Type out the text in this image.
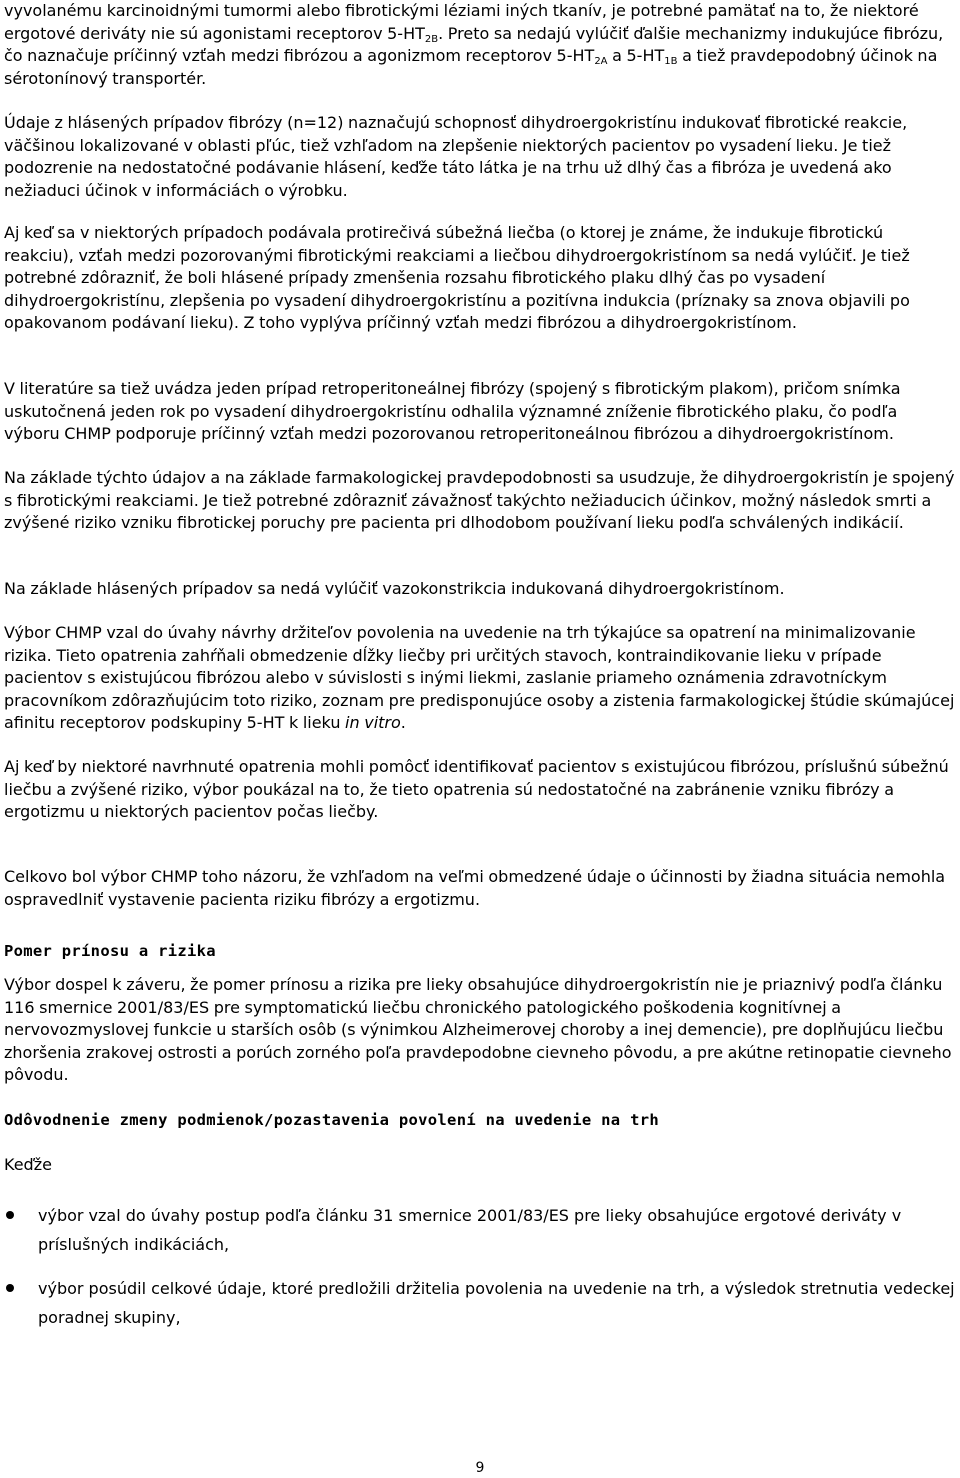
vyvolanému karcinoidnými tumormi alebo fibrotickými léziami iných tkanív, je potrebné pamätať na to, že niektoré ergotové deriváty nie sú agonistami receptorov $5-HT_{2B}$. Preto sa nedajú vylúčiť ďalšie mechanizmy indukujúce fibrózu, čo naznačuje príčinný vzťah medzi fibrózou a agonizmom receptorov $5-HT_{2A}$ a $5-HT_{1B}$ a tiež pravdepodobný účinok na sérotonínový transportér.

Údaje z hlásených prípadov fibrózy (n=12) naznačujú schopnosť dihydroergokristínu indukovať fibrotické reakcie, väčšinou lokalizované v oblasti pľúc, tiež vzhľadom na zlepšenie niektorých pacientov po vysadení lieku. Je tiež podozrenie na nedostatočné podávanie hlásení, keďže táto látka je na trhu už dlhý čas a fibróza je uvedená ako nežiaduci účinok v informáciách o výrobku.

Aj keď sa v niektorých prípadoch podávala protirečivá súbežná liečba (o ktorej je známe, že indukuje fibrotickú reakciu), vzťah medzi pozorovanými fibrotickými reakciami a liečbou dihydroergokristínom sa nedá vylúčiť. Je tiež potrebné zdôrazniť, že boli hlásené prípady zmenšenia rozsahu fibrotického plaku dlhý čas po vysadení dihydroergokristínu, zlepšenia po vysadení dihydroergokristínu a pozitívna indukcia (príznaky sa znova objavili po opakovanom podávaní lieku). Z toho vyplýva príčinný vzťah medzi fibrózou a dihydroergokristínom.

V literatúre sa tiež uvádza jeden prípad retroperitoneálnej fibrózy (spojený s fibrotickým plakom), pričom snímka uskutočnená jeden rok po vysadení dihydroergokristínu odhalila významné zníženie fibrotického plaku, čo podľa výboru CHMP podporuje príčinný vzťah medzi pozorovanou retroperitoneálnou fibrózou a dihydroergokristínom.

Na základe týchto údajov a na základe farmakologickej pravdepodobnosti sa usudzuje, že dihydroergokristín je spojený s fibrotickými reakciami. Je tiež potrebné zdôrazniť závažnosť takýchto nežiaducich účinkov, možný následok smrti a zvýšené riziko vzniku fibrotickej poruchy pre pacienta pri dlhodobom používaní lieku podľa schválených indikácií.

Na základe hlásených prípadov sa nedá vylúčiť vazokonstrikcia indukovaná dihydroergokristínom.

Výbor CHMP vzal do úvahy návrhy držiteľov povolenia na uvedenie na trh týkajúce sa opatrení na minimalizovanie rizika. Tieto opatrenia zahŕňali obmedzenie dĺžky liečby pri určitých stavoch, kontraindikovanie lieku v prípade pacientov s existujúcou fibrózou alebo v súvislosti s inými liekmi, zaslanie priameho oznámenia zdravotníckym pracovníkom zdôrazňujúcim toto riziko, zoznam pre predisponujúce osoby a zistenia farmakologickej štúdie skúmajúcej afinitu receptorov podskupiny 5-HT k lieku in vitro.

Aj keď by niektoré navrhnuté opatrenia mohli pomôcť identifikovať pacientov s existujúcou fibrózou, príslušnú súbežnú liečbu a zvýšené riziko, výbor poukázal na to, že tieto opatrenia sú nedostatočné na zabránenie vzniku fibrózy a ergotizmu u niektorých pacientov počas liečby.

Celkovo bol výbor CHMP toho názoru, že vzhľadom na veľmi obmedzené údaje o účinnosti by žiadna situácia nemohla ospravedlniť vystavenie pacienta riziku fibrózy a ergotizmu.

Pomer prínosu a rizika

Výbor dospel k záveru, že pomer prínosu a rizika pre lieky obsahujúce dihydroergokristín nie je priaznivý podľa článku 116 smernice 2001/83/ES pre symptomatickú liečbu chronického patologického poškodenia kognitívnej a nervovozmyslovej funkcie u starších osôb (s výnimkou Alzheimerovej choroby a inej demencie), pre doplňujúcu liečbu zhoršenia zrakovej ostrosti a porúch zorného poľa pravdepodobne cievneho pôvodu, a pre akútne retinopatie cievneho pôvodu.

Odôvodnenie zmeny podmienok/pozastavenia povolení na uvedenie na trh

Keďže

výbor vzal do úvahy postup podľa článku 31 smernice 2001/83/ES pre lieky obsahujúce ergotové deriváty v príslušných indikáciách,
výbor posúdil celkové údaje, ktoré predložili držitelia povolenia na uvedenie na trh, a výsledok stretnutia vedeckej poradnej skupiny,
9
